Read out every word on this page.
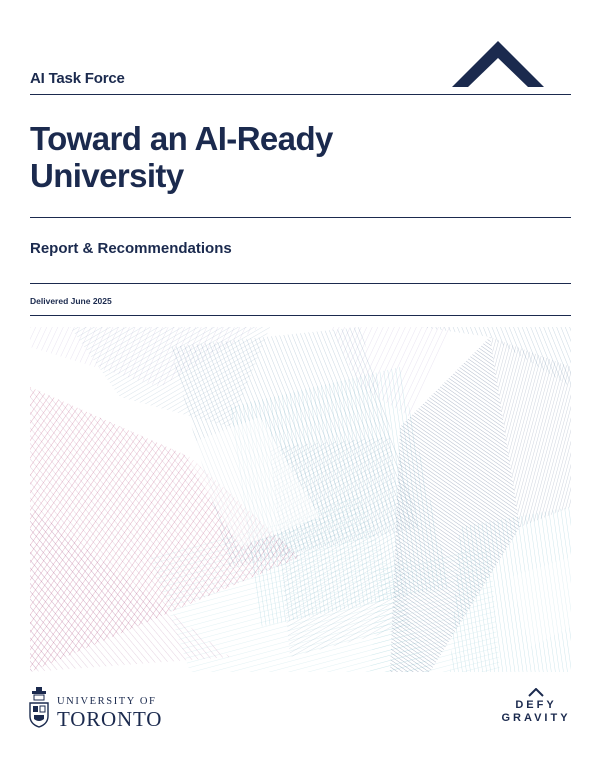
AI Task Force
Toward an AI-Ready
University
Report & Recommendations
Delivered June 2025
UNIVERSITY OF
TORONTO
DEFY
GRAVITY
